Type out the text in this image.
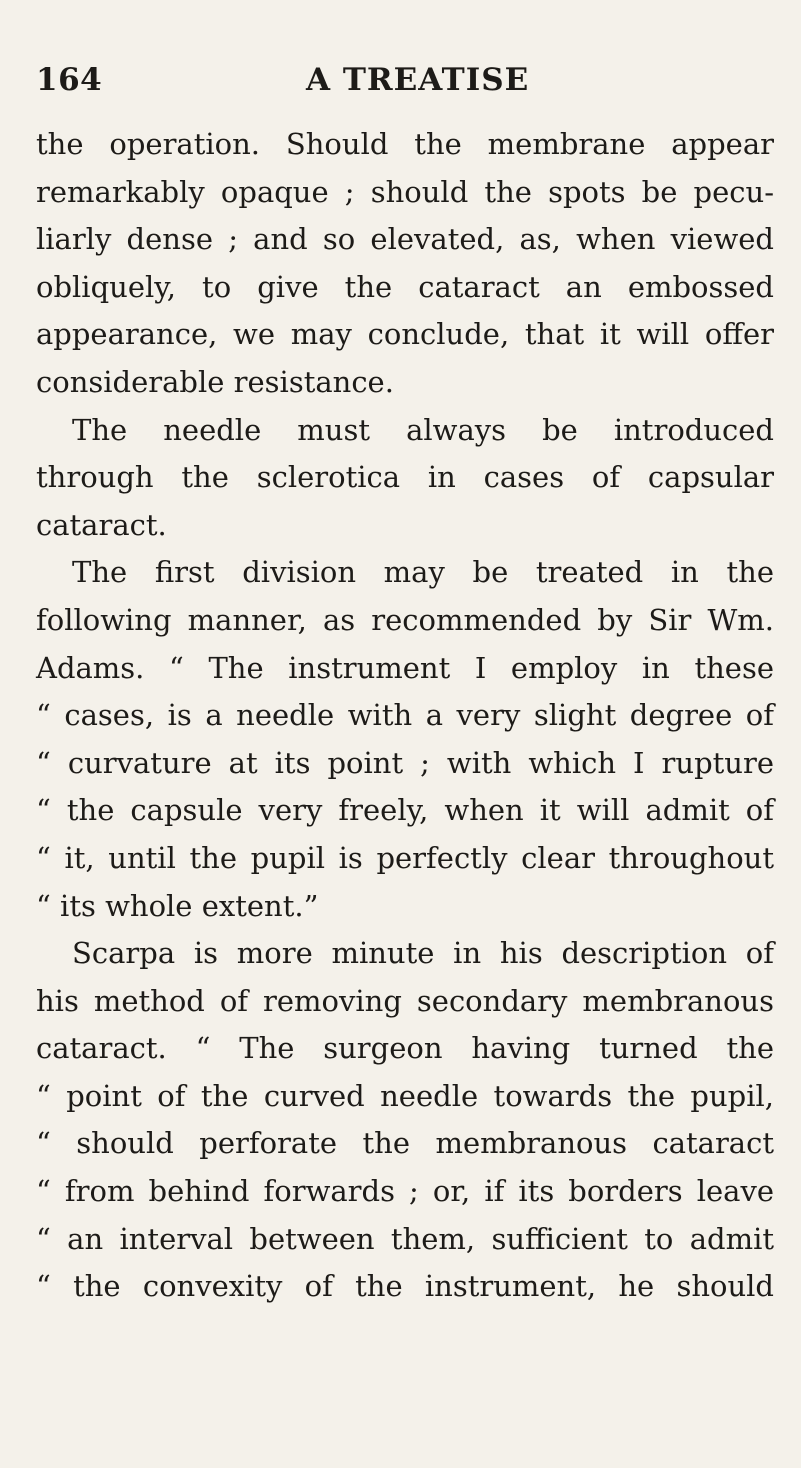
164	A TREATISE
the operation. Should the membrane appear
remarkably opaque ; should the spots be pecu-
liarly dense ; and so elevated, as, when viewed
obliquely, to give the cataract an embossed
appearance, we may conclude, that it will offer
considerable resistance.
The needle must always be introduced
through the sclerotica in cases of capsular
cataract.
The first division may be treated in the
following manner, as recommended by Sir Wm.
Adams. “ The instrument I employ in these
“ cases, is a needle with a very slight degree of
“ curvature at its point ; with which I rupture
“ the capsule very freely, when it will admit of
“ it, until the pupil is perfectly clear throughout
“ its whole extent.”
Scarpa is more minute in his description of
his method of removing secondary membranous
cataract. “ The surgeon having turned the
“ point of the curved needle towards the pupil,
“ should perforate the membranous cataract
“ from behind forwards ; or, if its borders leave
“ an interval between them, sufficient to admit
“ the convexity of the instrument, he should
